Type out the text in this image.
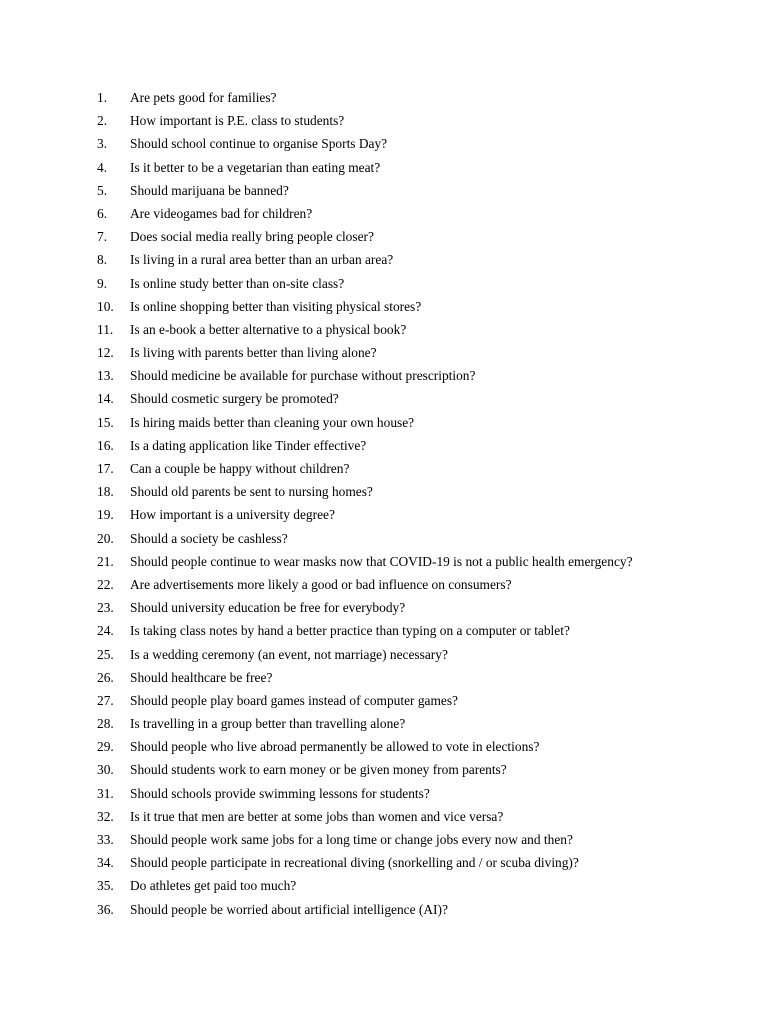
1. Are pets good for families?
2. How important is P.E. class to students?
3. Should school continue to organise Sports Day?
4. Is it better to be a vegetarian than eating meat?
5. Should marijuana be banned?
6. Are videogames bad for children?
7. Does social media really bring people closer?
8. Is living in a rural area better than an urban area?
9. Is online study better than on-site class?
10. Is online shopping better than visiting physical stores?
11. Is an e-book a better alternative to a physical book?
12. Is living with parents better than living alone?
13. Should medicine be available for purchase without prescription?
14. Should cosmetic surgery be promoted?
15. Is hiring maids better than cleaning your own house?
16. Is a dating application like Tinder effective?
17. Can a couple be happy without children?
18. Should old parents be sent to nursing homes?
19. How important is a university degree?
20. Should a society be cashless?
21. Should people continue to wear masks now that COVID-19 is not a public health emergency?
22. Are advertisements more likely a good or bad influence on consumers?
23. Should university education be free for everybody?
24. Is taking class notes by hand a better practice than typing on a computer or tablet?
25. Is a wedding ceremony (an event, not marriage) necessary?
26. Should healthcare be free?
27. Should people play board games instead of computer games?
28. Is travelling in a group better than travelling alone?
29. Should people who live abroad permanently be allowed to vote in elections?
30. Should students work to earn money or be given money from parents?
31. Should schools provide swimming lessons for students?
32. Is it true that men are better at some jobs than women and vice versa?
33. Should people work same jobs for a long time or change jobs every now and then?
34. Should people participate in recreational diving (snorkelling and / or scuba diving)?
35. Do athletes get paid too much?
36. Should people be worried about artificial intelligence (AI)?
